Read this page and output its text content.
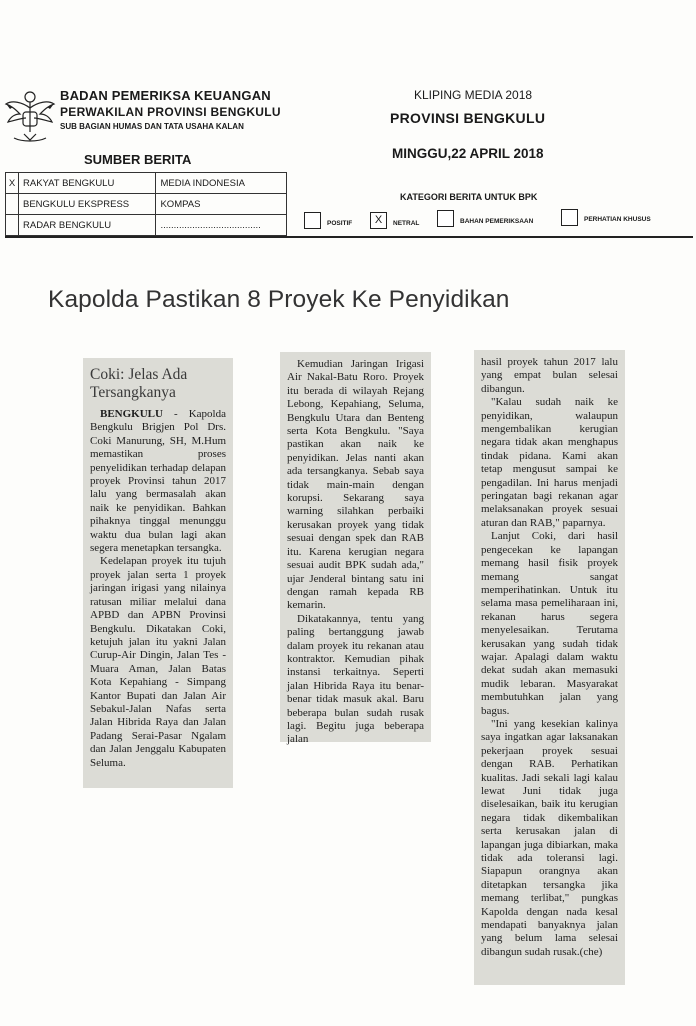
BADAN PEMERIKSA KEUANGAN
PERWAKILAN PROVINSI BENGKULU
SUB BAGIAN HUMAS DAN TATA USAHA KALAN
KLIPING MEDIA 2018
PROVINSI BENGKULU
MINGGU,22 APRIL 2018
SUMBER BERITA
X	RAKYAT BENGKULU	MEDIA INDONESIA
	BENGKULU EKSPRESS	KOMPAS
	RADAR BENGKULU	......................................
KATEGORI BERITA UNTUK BPK
POSITIF	X	NETRAL	BAHAN PEMERIKSAAN	PERHATIAN KHUSUS
Kapolda Pastikan 8 Proyek Ke Penyidikan
Coki: Jelas Ada Tersangkanya

BENGKULU - Kapolda Bengkulu Brigjen Pol Drs. Coki Manurung, SH, M.Hum memastikan proses penyelidikan terhadap delapan proyek Provinsi tahun 2017 lalu yang bermasalah akan naik ke penyidikan. Bahkan pihaknya tinggal menunggu waktu dua bulan lagi akan segera menetapkan tersangka.

Kedelapan proyek itu tujuh proyek jalan serta 1 proyek jaringan irigasi yang nilainya ratusan miliar melalui dana APBD dan APBN Provinsi Bengkulu. Dikatakan Coki, ketujuh jalan itu yakni Jalan Curup-Air Dingin, Jalan Tes - Muara Aman, Jalan Batas Kota Kepahiang - Simpang Kantor Bupati dan Jalan Air Sebakul-Jalan Nafas serta Jalan Hibrida Raya dan Jalan Padang Serai-Pasar Ngalam dan Jalan Jenggalu Kabupaten Seluma.

Kemudian Jaringan Irigasi Air Nakal-Batu Roro. Proyek itu berada di wilayah Rejang Lebong, Kepahiang, Seluma, Bengkulu Utara dan Benteng serta Kota Bengkulu. "Saya pastikan akan naik ke penyidikan. Jelas nanti akan ada tersangkanya. Sebab saya tidak main-main dengan korupsi. Sekarang saya warning silahkan perbaiki kerusakan proyek yang tidak sesuai dengan spek dan RAB itu. Karena kerugian negara sesuai audit BPK sudah ada," ujar Jenderal bintang satu ini dengan ramah kepada RB kemarin.

Dikatakannya, tentu yang paling bertanggung jawab dalam proyek itu rekanan atau kontraktor. Kemudian pihak instansi terkaitnya. Seperti jalan Hibrida Raya itu benar-benar tidak masuk akal. Baru beberapa bulan sudah rusak lagi. Begitu juga beberapa jalan

hasil proyek tahun 2017 lalu yang empat bulan selesai dibangun.

"Kalau sudah naik ke penyidikan, walaupun mengembalikan kerugian negara tidak akan menghapus tindak pidana. Kami akan tetap mengusut sampai ke pengadilan. Ini harus menjadi peringatan bagi rekanan agar melaksanakan proyek sesuai aturan dan RAB," paparnya.

Lanjut Coki, dari hasil pengecekan ke lapangan memang hasil fisik proyek memang sangat memperihatinkan. Untuk itu selama masa pemeliharaan ini, rekanan harus segera menyelesaikan. Terutama kerusakan yang sudah tidak wajar. Apalagi dalam waktu dekat sudah akan memasuki mudik lebaran. Masyarakat membutuhkan jalan yang bagus.

"Ini yang kesekian kalinya saya ingatkan agar laksanakan pekerjaan proyek sesuai dengan RAB. Perhatikan kualitas. Jadi sekali lagi kalau lewat Juni tidak juga diselesaikan, baik itu kerugian negara tidak dikembalikan serta kerusakan jalan di lapangan juga dibiarkan, maka tidak ada toleransi lagi. Siapapun orangnya akan ditetapkan tersangka jika memang terlibat," pungkas Kapolda dengan nada kesal mendapati banyaknya jalan yang belum lama selesai dibangun sudah rusak.(che)
